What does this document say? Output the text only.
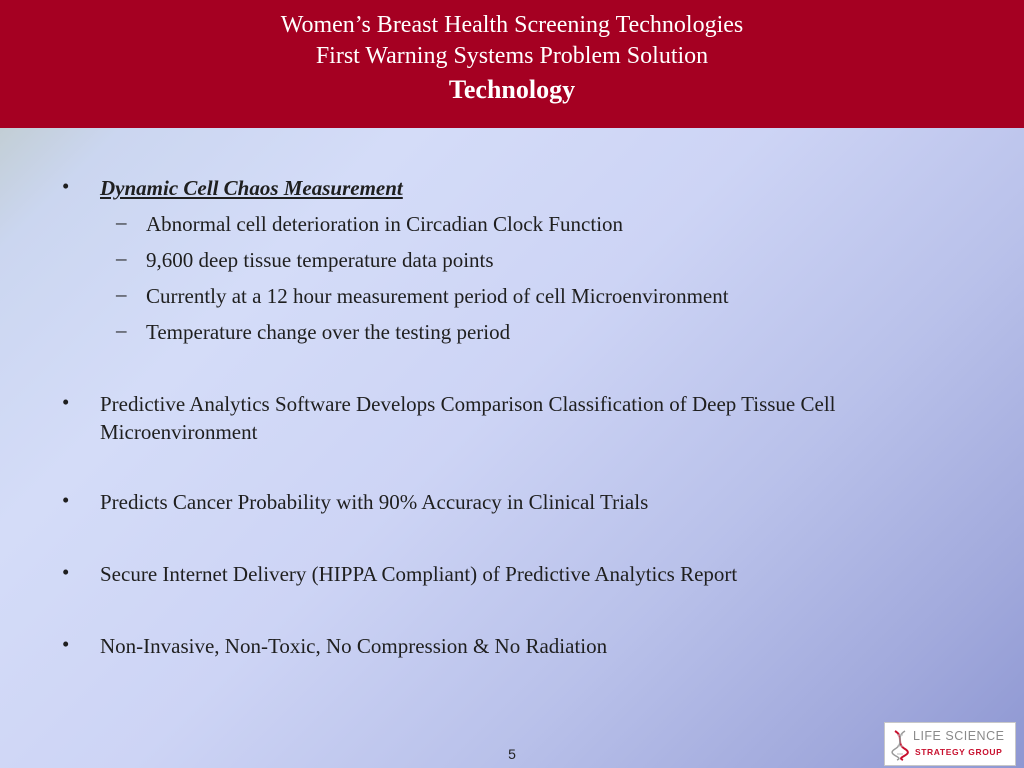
Women’s Breast Health Screening Technologies
First Warning Systems Problem Solution
Technology
• Dynamic Cell Chaos Measurement
– Abnormal cell deterioration in Circadian Clock Function
– 9,600 deep tissue temperature data points
– Currently at a 12 hour measurement period of cell Microenvironment
– Temperature change over the testing period
• Predictive Analytics Software Develops Comparison Classification of Deep Tissue Cell Microenvironment
• Predicts Cancer Probability with 90% Accuracy in Clinical Trials
• Secure Internet Delivery (HIPPA Compliant) of Predictive Analytics Report
• Non-Invasive, Non-Toxic, No Compression & No Radiation
5
LIFE SCIENCE
STRATEGY GROUP
